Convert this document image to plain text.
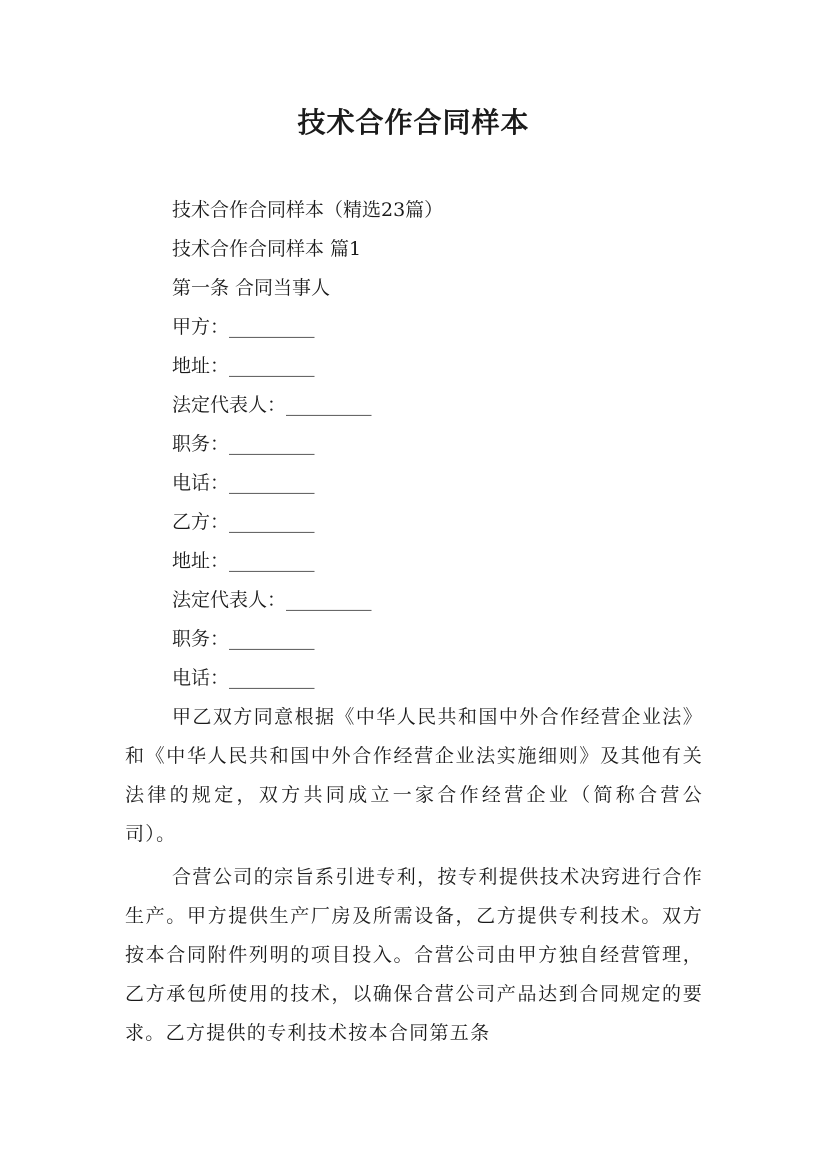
技术合作合同样本
技术合作合同样本（精选23篇）
技术合作合同样本 篇1
第一条 合同当事人
甲方：_________
地址：_________
法定代表人：_________
职务：_________
电话：_________
乙方：_________
地址：_________
法定代表人：_________
职务：_________
电话：_________
甲乙双方同意根据《中华人民共和国中外合作经营企业法》和《中华人民共和国中外合作经营企业法实施细则》及其他有关法律的规定，双方共同成立一家合作经营企业（简称合营公司）。
合营公司的宗旨系引进专利，按专利提供技术决窍进行合作生产。甲方提供生产厂房及所需设备，乙方提供专利技术。双方按本合同附件列明的项目投入。合营公司由甲方独自经营管理，乙方承包所使用的技术，以确保合营公司产品达到合同规定的要求。乙方提供的专利技术按本合同第五条
